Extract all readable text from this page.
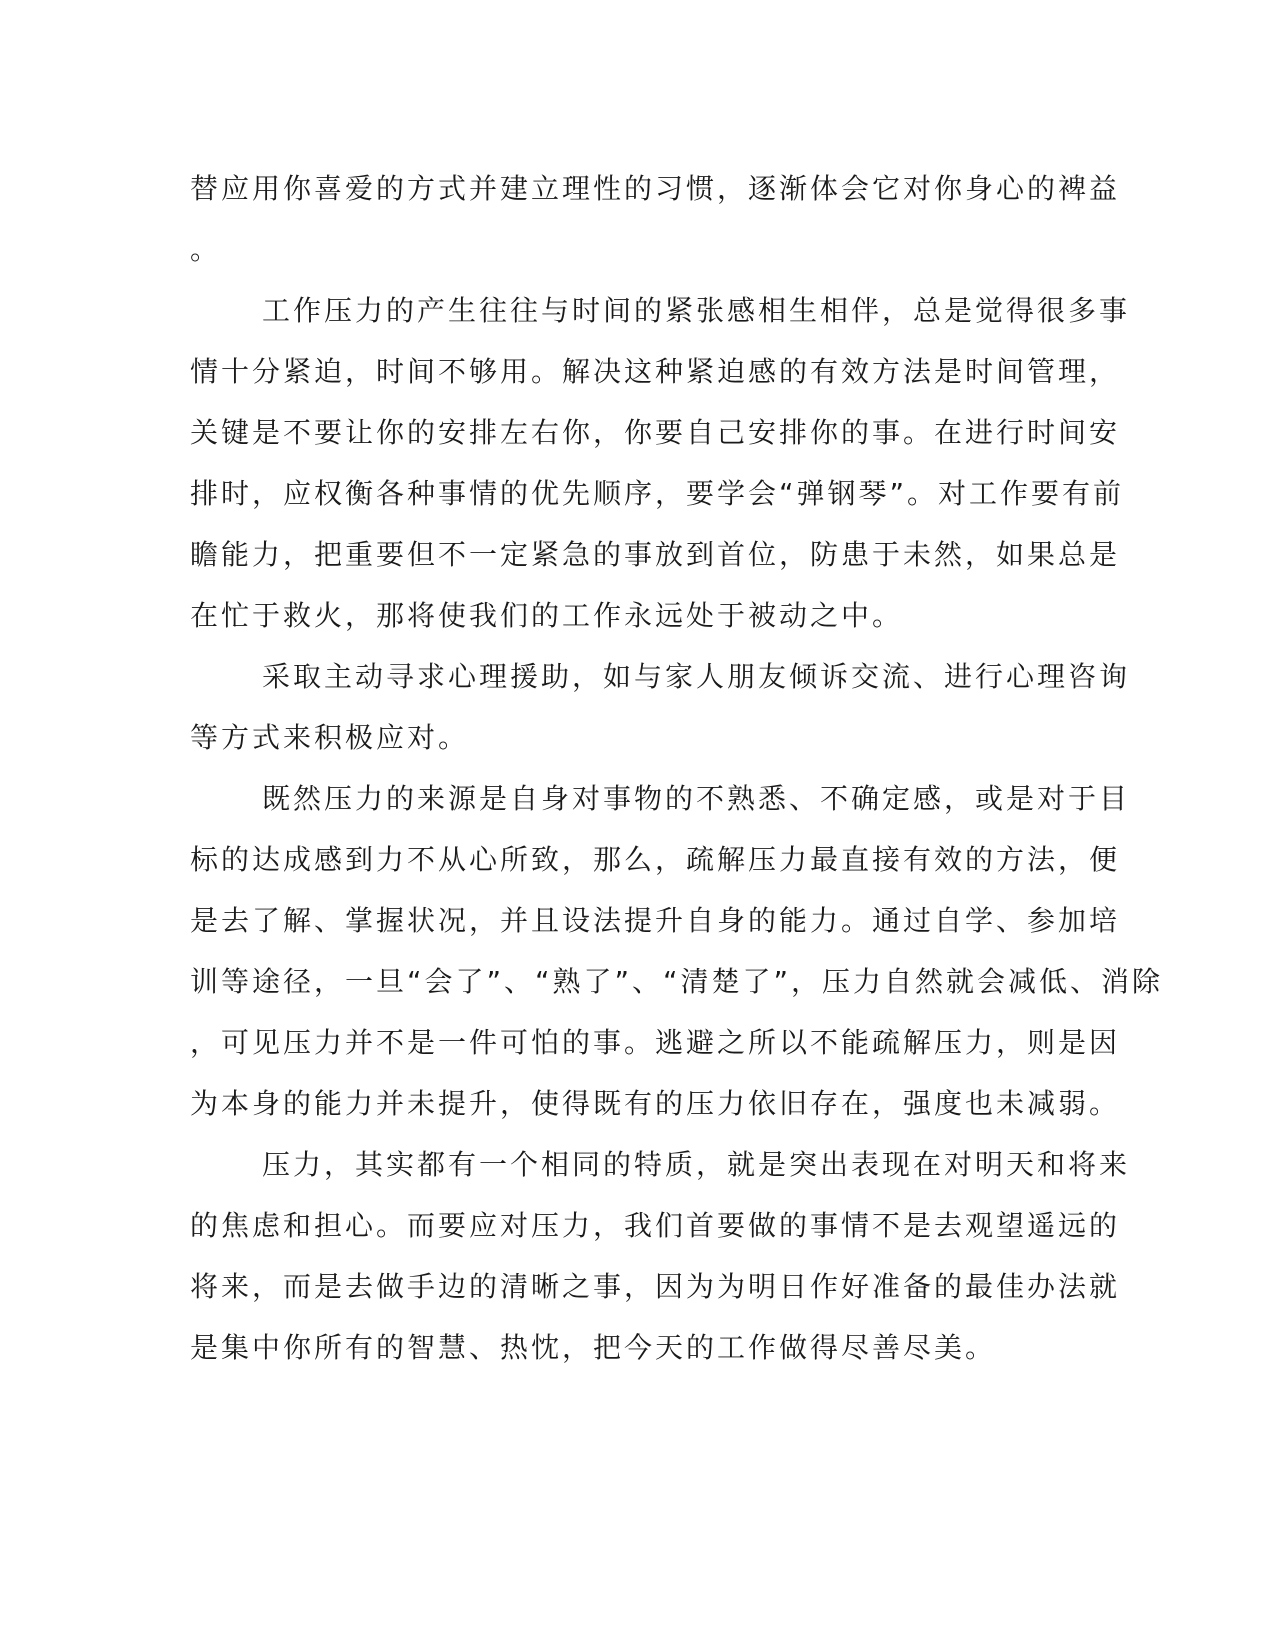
替应用你喜爱的方式并建立理性的习惯，逐渐体会它对你身心的裨益
。
工作压力的产生往往与时间的紧张感相生相伴，总是觉得很多事
情十分紧迫，时间不够用。解决这种紧迫感的有效方法是时间管理，
关键是不要让你的安排左右你，你要自己安排你的事。在进行时间安
排时，应权衡各种事情的优先顺序，要学会“弹钢琴”。对工作要有前
瞻能力，把重要但不一定紧急的事放到首位，防患于未然，如果总是
在忙于救火，那将使我们的工作永远处于被动之中。
采取主动寻求心理援助，如与家人朋友倾诉交流、进行心理咨询
等方式来积极应对。
既然压力的来源是自身对事物的不熟悉、不确定感，或是对于目
标的达成感到力不从心所致，那么，疏解压力最直接有效的方法，便
是去了解、掌握状况，并且设法提升自身的能力。通过自学、参加培
训等途径，一旦“会了”、“熟了”、“清楚了”，压力自然就会减低、消除
，可见压力并不是一件可怕的事。逃避之所以不能疏解压力，则是因
为本身的能力并未提升，使得既有的压力依旧存在，强度也未减弱。
压力，其实都有一个相同的特质，就是突出表现在对明天和将来
的焦虑和担心。而要应对压力，我们首要做的事情不是去观望遥远的
将来，而是去做手边的清晰之事，因为为明日作好准备的最佳办法就
是集中你所有的智慧、热忱，把今天的工作做得尽善尽美。
